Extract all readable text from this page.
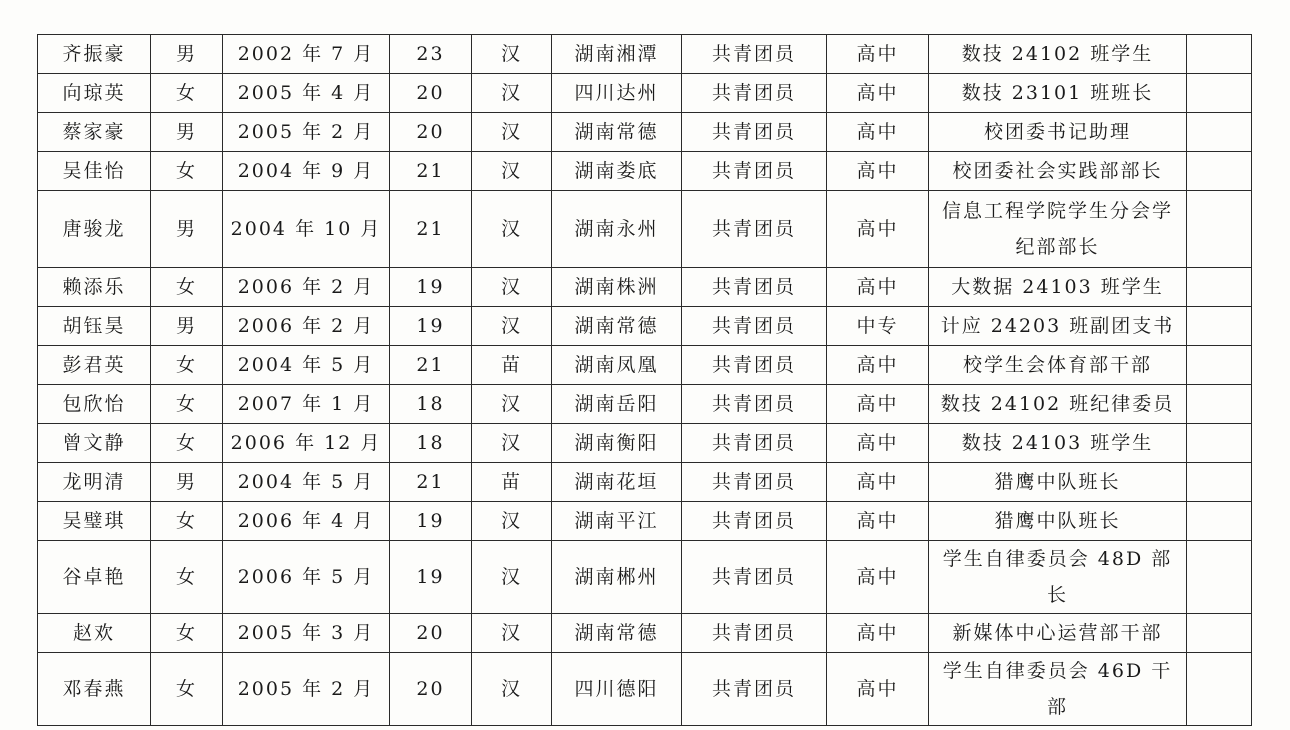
齐振豪	男	2002 年 7 月	23	汉	湖南湘潭	共青团员	高中	数技 24102 班学生	
向琼英	女	2005 年 4 月	20	汉	四川达州	共青团员	高中	数技 23101 班班长	
蔡家豪	男	2005 年 2 月	20	汉	湖南常德	共青团员	高中	校团委书记助理	
吴佳怡	女	2004 年 9 月	21	汉	湖南娄底	共青团员	高中	校团委社会实践部部长	
唐骏龙	男	2004 年 10 月	21	汉	湖南永州	共青团员	高中	信息工程学院学生分会学纪部部长	
赖添乐	女	2006 年 2 月	19	汉	湖南株洲	共青团员	高中	大数据 24103 班学生	
胡钰昊	男	2006 年 2 月	19	汉	湖南常德	共青团员	中专	计应 24203 班副团支书	
彭君英	女	2004 年 5 月	21	苗	湖南凤凰	共青团员	高中	校学生会体育部干部	
包欣怡	女	2007 年 1 月	18	汉	湖南岳阳	共青团员	高中	数技 24102 班纪律委员	
曾文静	女	2006 年 12 月	18	汉	湖南衡阳	共青团员	高中	数技 24103 班学生	
龙明清	男	2004 年 5 月	21	苗	湖南花垣	共青团员	高中	猎鹰中队班长	
吴璧琪	女	2006 年 4 月	19	汉	湖南平江	共青团员	高中	猎鹰中队班长	
谷卓艳	女	2006 年 5 月	19	汉	湖南郴州	共青团员	高中	学生自律委员会 48D 部长	
赵欢	女	2005 年 3 月	20	汉	湖南常德	共青团员	高中	新媒体中心运营部干部	
邓春燕	女	2005 年 2 月	20	汉	四川德阳	共青团员	高中	学生自律委员会 46D 干部	
